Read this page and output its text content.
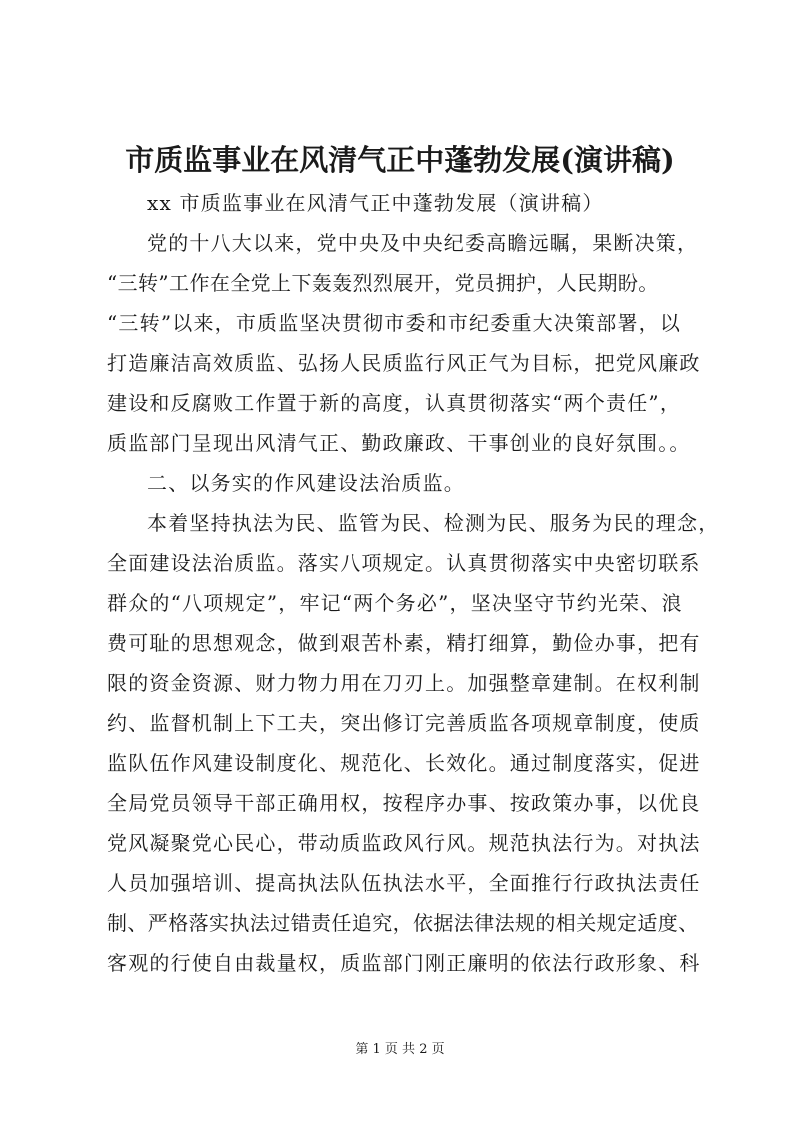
市质监事业在风清气正中蓬勃发展(演讲稿)
xx 市质监事业在风清气正中蓬勃发展（演讲稿）
党的十八大以来，党中央及中央纪委高瞻远瞩，果断决策，
“三转”工作在全党上下轰轰烈烈展开，党员拥护，人民期盼。
“三转”以来，市质监坚决贯彻市委和市纪委重大决策部署，以
打造廉洁高效质监、弘扬人民质监行风正气为目标，把党风廉政
建设和反腐败工作置于新的高度，认真贯彻落实“两个责任”，
质监部门呈现出风清气正、勤政廉政、干事创业的良好氛围。。
二、以务实的作风建设法治质监。
本着坚持执法为民、监管为民、检测为民、服务为民的理念，
全面建设法治质监。落实八项规定。认真贯彻落实中央密切联系
群众的“八项规定”，牢记“两个务必”，坚决坚守节约光荣、浪
费可耻的思想观念，做到艰苦朴素，精打细算，勤俭办事，把有
限的资金资源、财力物力用在刀刃上。加强整章建制。在权利制
约、监督机制上下工夫，突出修订完善质监各项规章制度，使质
监队伍作风建设制度化、规范化、长效化。通过制度落实，促进
全局党员领导干部正确用权，按程序办事、按政策办事，以优良
党风凝聚党心民心，带动质监政风行风。规范执法行为。对执法
人员加强培训、提高执法队伍执法水平，全面推行行政执法责任
制、严格落实执法过错责任追究，依据法律法规的相关规定适度、
客观的行使自由裁量权，质监部门刚正廉明的依法行政形象、科
第 1 页 共 2 页
